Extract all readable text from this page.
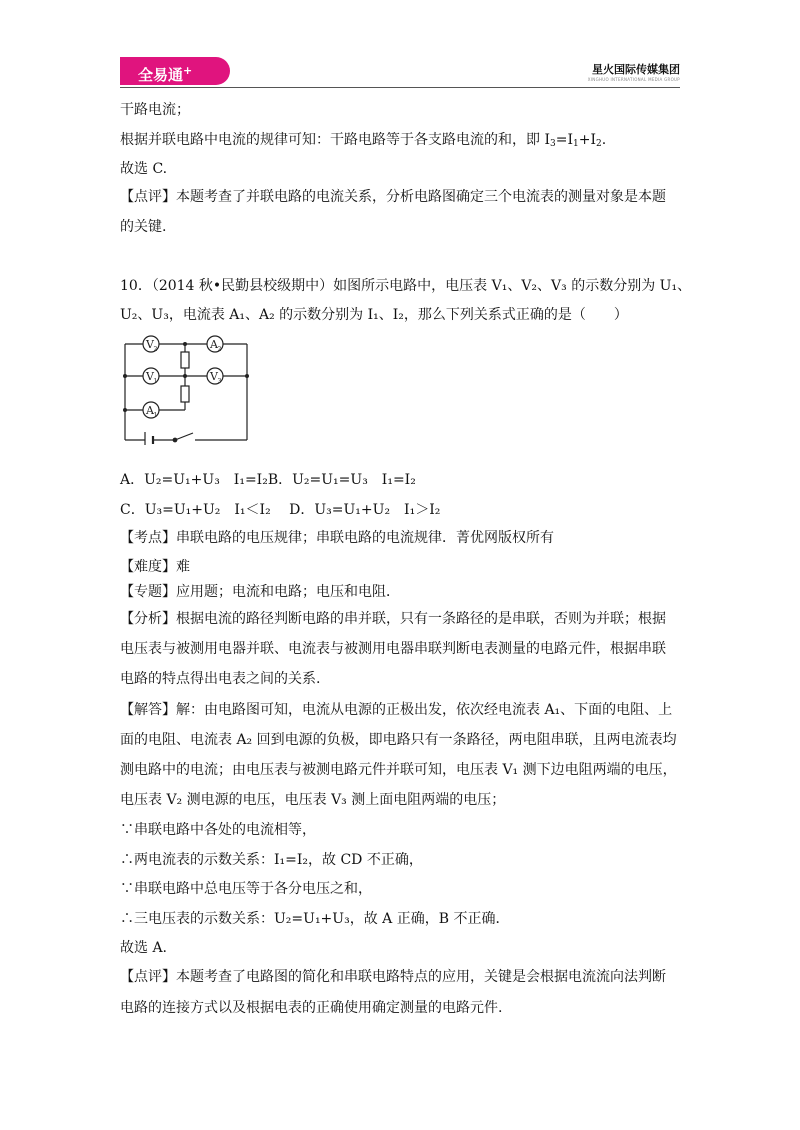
全易通+	星火国际传媒集团
XINGHUO INTERNATIONAL MEDIA GROUP
干路电流；
根据并联电路中电流的规律可知：干路电路等于各支路电流的和，即 $I_3=I_1+I_2$.
故选 C.
【点评】本题考查了并联电路的电流关系，分析电路图确定三个电流表的测量对象是本题
的关键.
10．（2014 秋•民勤县校级期中）如图所示电路中，电压表 V₁、V₂、V₃ 的示数分别为 U₁、
U₂、U₃，电流表 A₁、A₂ 的示数分别为 I₁、I₂，那么下列关系式正确的是（　　）
V 2	A 2
V 1	V 3
A 1
A．U₂=U₁+U₃　I₁=I₂B．U₂=U₁=U₃　I₁=I₂
C．U₃=U₁+U₂　I₁＜I₂　 D．U₃=U₁+U₂　I₁＞I₂
【考点】串联电路的电压规律；串联电路的电流规律．菁优网版权所有
【难度】难
【专题】应用题；电流和电路；电压和电阻．
【分析】根据电流的路径判断电路的串并联，只有一条路径的是串联，否则为并联；根据
电压表与被测用电器并联、电流表与被测用电器串联判断电表测量的电路元件，根据串联
电路的特点得出电表之间的关系.
【解答】解：由电路图可知，电流从电源的正极出发，依次经电流表 A₁、下面的电阻、上
面的电阻、电流表 A₂ 回到电源的负极，即电路只有一条路径，两电阻串联，且两电流表均
测电路中的电流；由电压表与被测电路元件并联可知，电压表 V₁ 测下边电阻两端的电压，
电压表 V₂ 测电源的电压，电压表 V₃ 测上面电阻两端的电压；
∵串联电路中各处的电流相等，
∴两电流表的示数关系：I₁=I₂，故 CD 不正确，
∵串联电路中总电压等于各分电压之和，
∴三电压表的示数关系：U₂=U₁+U₃，故 A 正确，B 不正确．
故选 A.
【点评】本题考查了电路图的简化和串联电路特点的应用，关键是会根据电流流向法判断
电路的连接方式以及根据电表的正确使用确定测量的电路元件.
